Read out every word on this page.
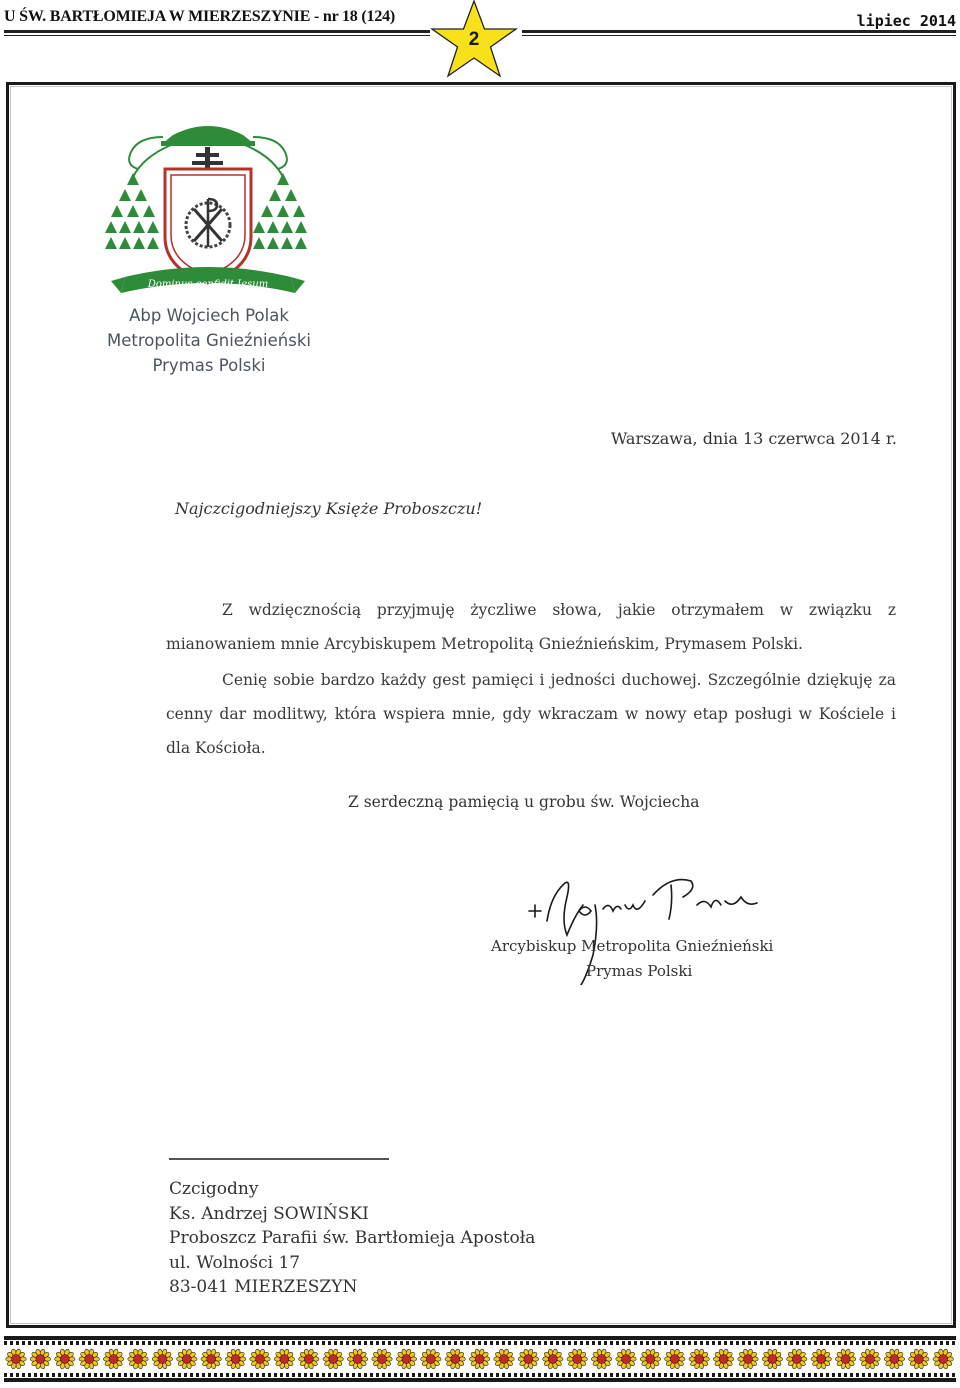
U ŚW. BARTŁOMIEJA W MIERZESZYNIE - nr 18 (124)
2
lipiec 2014
Dominus confidit Iesum
Abp Wojciech Polak
Metropolita Gnieźnieński
Prymas Polski
Warszawa, dnia 13 czerwca 2014 r.
Najczcigodniejszy Księże Proboszczu!
Z wdzięcznością przyjmuję życzliwe słowa, jakie otrzymałem w związku z mianowaniem mnie Arcybiskupem Metropolitą Gnieźnieńskim, Prymasem Polski.
Cenię sobie bardzo każdy gest pamięci i jedności duchowej. Szczególnie dziękuję za cenny dar modlitwy, która wspiera mnie, gdy wkraczam w nowy etap posługi w Kościele i dla Kościoła.
Z serdeczną pamięcią u grobu św. Wojciecha
Arcybiskup Metropolita Gnieźnieński
Prymas Polski
Czcigodny
Ks. Andrzej SOWIŃSKI
Proboszcz Parafii św. Bartłomieja Apostoła
ul. Wolności 17
83-041 MIERZESZYN
